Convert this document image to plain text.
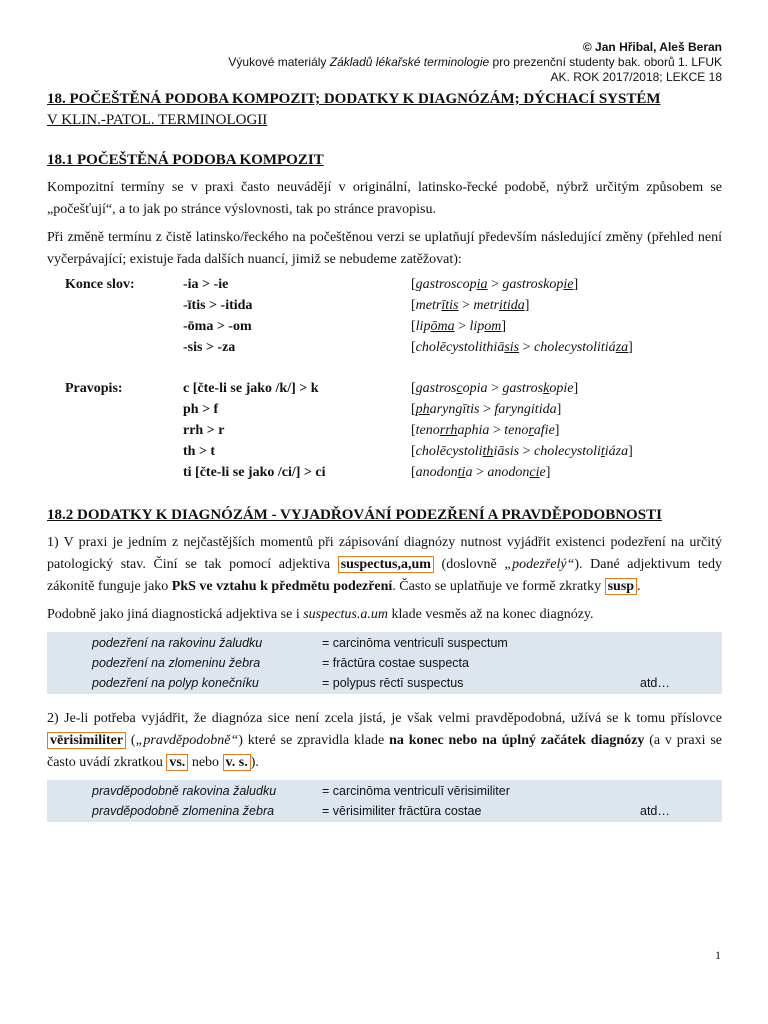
© Jan Hřibal, Aleš Beran
Výukové materiály Základů lékařské terminologie pro prezenční studenty bak. oborů 1. LFUK
AK. ROK 2017/2018; LEKCE 18
18. POČEŠTĚNÁ PODOBA KOMPOZIT; DODATKY K DIAGNÓZÁM; DÝCHACÍ SYSTÉM
V KLIN.-PATOL. TERMINOLOGII
18.1 POČEŠTĚNÁ PODOBA KOMPOZIT

Kompozitní termíny se v praxi často neuvádějí v originální, latinsko-řecké podobě, nýbrž určitým způsobem se „počešťují“, a to jak po stránce výslovnosti, tak po stránce pravopisu.

Při změně termínu z čistě latinsko/řeckého na počeštěnou verzi se uplatňují především následující změny (přehled není vyčerpávající; existuje řada dalších nuancí, jimiž se nebudeme zatěžovat):

Konce slov:	-ia > -ie	[gastroscopia > gastroskopie]
	-ītis > -itida	[metrītis > metritida]
	-ōma > -om	[lipōma > lipom]
	-sis > -za	[cholēcystolithiāsis > cholecystolitiáza]

Pravopis:	c [čte-li se jako /k/] > k	[gastroscopia > gastroskopie]
	ph > f	[pharyngītis > faryngitida]
	rrh > r	[tenorrhaphia > tenorafie]
	th > t	[cholēcystolithiāsis > cholecystolitiáza]
	ti [čte-li se jako /ci/] > ci	[anodontia > anodoncie]
18.2 DODATKY K DIAGNÓZÁM - VYJADŘOVÁNÍ PODEZŘENÍ A PRAVDĚPODOBNOSTI

1) V praxi je jedním z nejčastějších momentů při zápisování diagnózy nutnost vyjádřit existenci podezření na určitý patologický stav. Činí se tak pomocí adjektiva suspectus,a,um (doslovně „podezřelý“). Dané adjektivum tedy zákonitě funguje jako PkS ve vztahu k předmětu podezření. Často se uplatňuje ve formě zkratky susp .

Podobně jako jiná diagnostická adjektiva se i suspectus.a.um klade vesměs až na konec diagnózy.

podezření na rakovinu žaludku	= carcinōma ventriculī suspectum
podezření na zlomeninu žebra	= frāctūra costae suspecta
podezření na polyp konečníku	= polypus rēctī suspectus	atd…

2) Je-li potřeba vyjádřit, že diagnóza sice není zcela jistá, je však velmi pravděpodobná, užívá se k tomu příslovce vērisimiliter („pravděpodobně“) které se zpravidla klade na konec nebo na úplný začátek diagnózy (a v praxi se často uvádí zkratkou vs. nebo v. s. ).

pravděpodobně rakovina žaludku	= carcinōma ventriculī vērisimiliter
pravděpodobně zlomenina žebra	= vērisimiliter frāctūra costae	atd…
1
